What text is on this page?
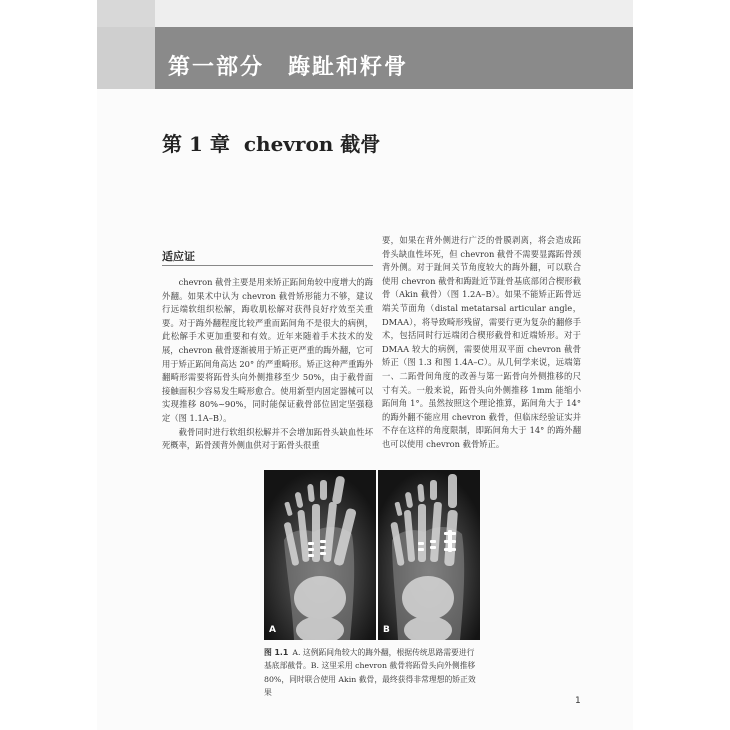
第一部分　踇趾和籽骨
第 1 章 chevron 截骨
适应证

chevron 截骨主要是用来矫正跖间角较中度增大的踇外翻。如果术中认为 chevron 截骨矫形能力不够，建议行远端软组织松解，踇收肌松解对获得良好疗效至关重要。对于踇外翻程度比较严重而跖间角不是很大的病例，此松解手术更加重要和有效。近年来随着手术技术的发展，chevron 截骨逐渐被用于矫正更严重的踇外翻，它可用于矫正跖间角高达 20° 的严重畸形。矫正这种严重踇外翻畸形需要将跖骨头向外侧推移至少 50%，由于截骨面接触面积少容易发生畸形愈合。使用新型内固定器械可以实现推移 80%~90%，同时能保证截骨部位固定坚强稳定（图 1.1A–B）。

截骨同时进行软组织松解并不会增加跖骨头缺血性坏死概率，跖骨颈背外侧血供对于跖骨头很重

要，如果在背外侧进行广泛的骨膜剥离，将会造成跖骨头缺血性坏死，但 chevron 截骨不需要显露跖骨颈背外侧。对于趾间关节角度较大的踇外翻，可以联合使用 chevron 截骨和踇趾近节趾骨基底部闭合楔形截骨（Akin 截骨）（图 1.2A–B）。如果不能矫正跖骨远端关节面角（distal metatarsal articular angle，DMAA），将导致畸形残留，需要行更为复杂的翻修手术，包括同时行远端闭合楔形截骨和近端矫形。对于 DMAA 较大的病例，需要使用双平面 chevron 截骨矫正（图 1.3 和图 1.4A–C）。从几何学来说，远端第一、二跖骨间角度的改善与第一跖骨向外侧推移的尺寸有关。一般来说，跖骨头向外侧推移 1mm 能缩小跖间角 1°。虽然按照这个理论推算，跖间角大于 14° 的踇外翻不能应用 chevron 截骨，但临床经验证实并不存在这样的角度限制，即跖间角大于 14° 的踇外翻也可以使用 chevron 截骨矫正。

A	B
图 1.1 A. 这例跖间角较大的踇外翻，根据传统思路需要进行基底部截骨。B. 这里采用 chevron 截骨将跖骨头向外侧推移 80%，同时联合使用 Akin 截骨，最终获得非常理想的矫正效果
1
